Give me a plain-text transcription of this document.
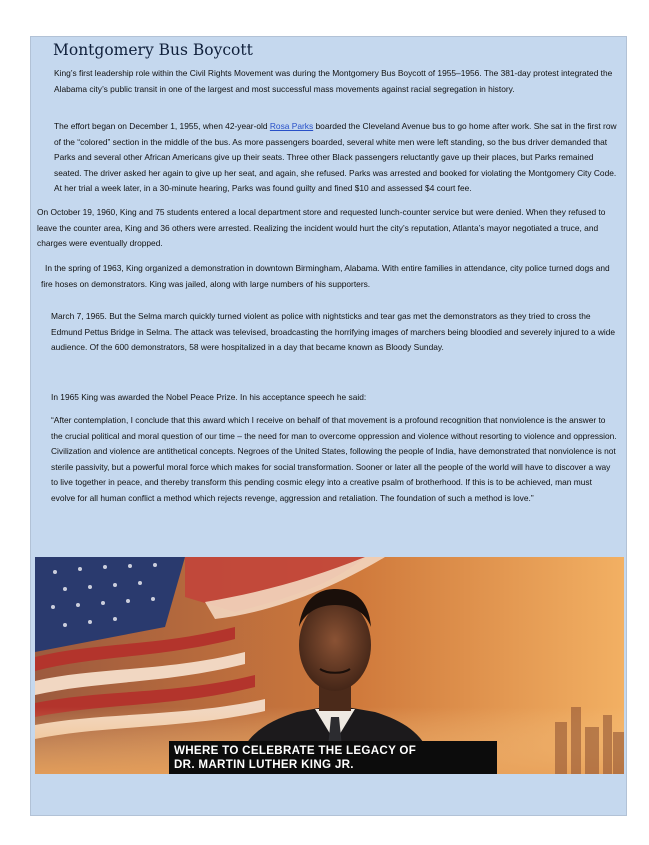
Montgomery Bus Boycott

King’s first leadership role within the Civil Rights Movement was during the Montgomery Bus Boycott of 1955–1956. The 381-day protest integrated the Alabama city’s public transit in one of the largest and most successful mass movements against racial segregation in history.

The effort began on December 1, 1955, when 42-year-old Rosa Parks boarded the Cleveland Avenue bus to go home after work. She sat in the first row of the “colored” section in the middle of the bus. As more passengers boarded, several white men were left standing, so the bus driver demanded that Parks and several other African Americans give up their seats. Three other Black passengers reluctantly gave up their places, but Parks remained seated. The driver asked her again to give up her seat, and again, she refused. Parks was arrested and booked for violating the Montgomery City Code. At her trial a week later, in a 30-minute hearing, Parks was found guilty and fined $10 and assessed $4 court fee.

On October 19, 1960, King and 75 students entered a local department store and requested lunch-counter service but were denied. When they refused to leave the counter area, King and 36 others were arrested. Realizing the incident would hurt the city’s reputation, Atlanta’s mayor negotiated a truce, and charges were eventually dropped.

In the spring of 1963, King organized a demonstration in downtown Birmingham, Alabama. With entire families in attendance, city police turned dogs and fire hoses on demonstrators. King was jailed, along with large numbers of his supporters.

March 7, 1965. But the Selma march quickly turned violent as police with nightsticks and tear gas met the demonstrators as they tried to cross the Edmund Pettus Bridge in Selma. The attack was televised, broadcasting the horrifying images of marchers being bloodied and severely injured to a wide audience. Of the 600 demonstrators, 58 were hospitalized in a day that became known as Bloody Sunday.

In 1965 King was awarded the Nobel Peace Prize. In his acceptance speech he said:

“After contemplation, I conclude that this award which I receive on behalf of that movement is a profound recognition that nonviolence is the answer to the crucial political and moral question of our time – the need for man to overcome oppression and violence without resorting to violence and oppression. Civilization and violence are antithetical concepts. Negroes of the United States, following the people of India, have demonstrated that nonviolence is not sterile passivity, but a powerful moral force which makes for social transformation. Sooner or later all the people of the world will have to discover a way to live together in peace, and thereby transform this pending cosmic elegy into a creative psalm of brotherhood. If this is to be achieved, man must evolve for all human conflict a method which rejects revenge, aggression and retaliation. The foundation of such a method is love.”

WHERE TO CELEBRATE THE LEGACY OF
DR. MARTIN LUTHER KING JR.
